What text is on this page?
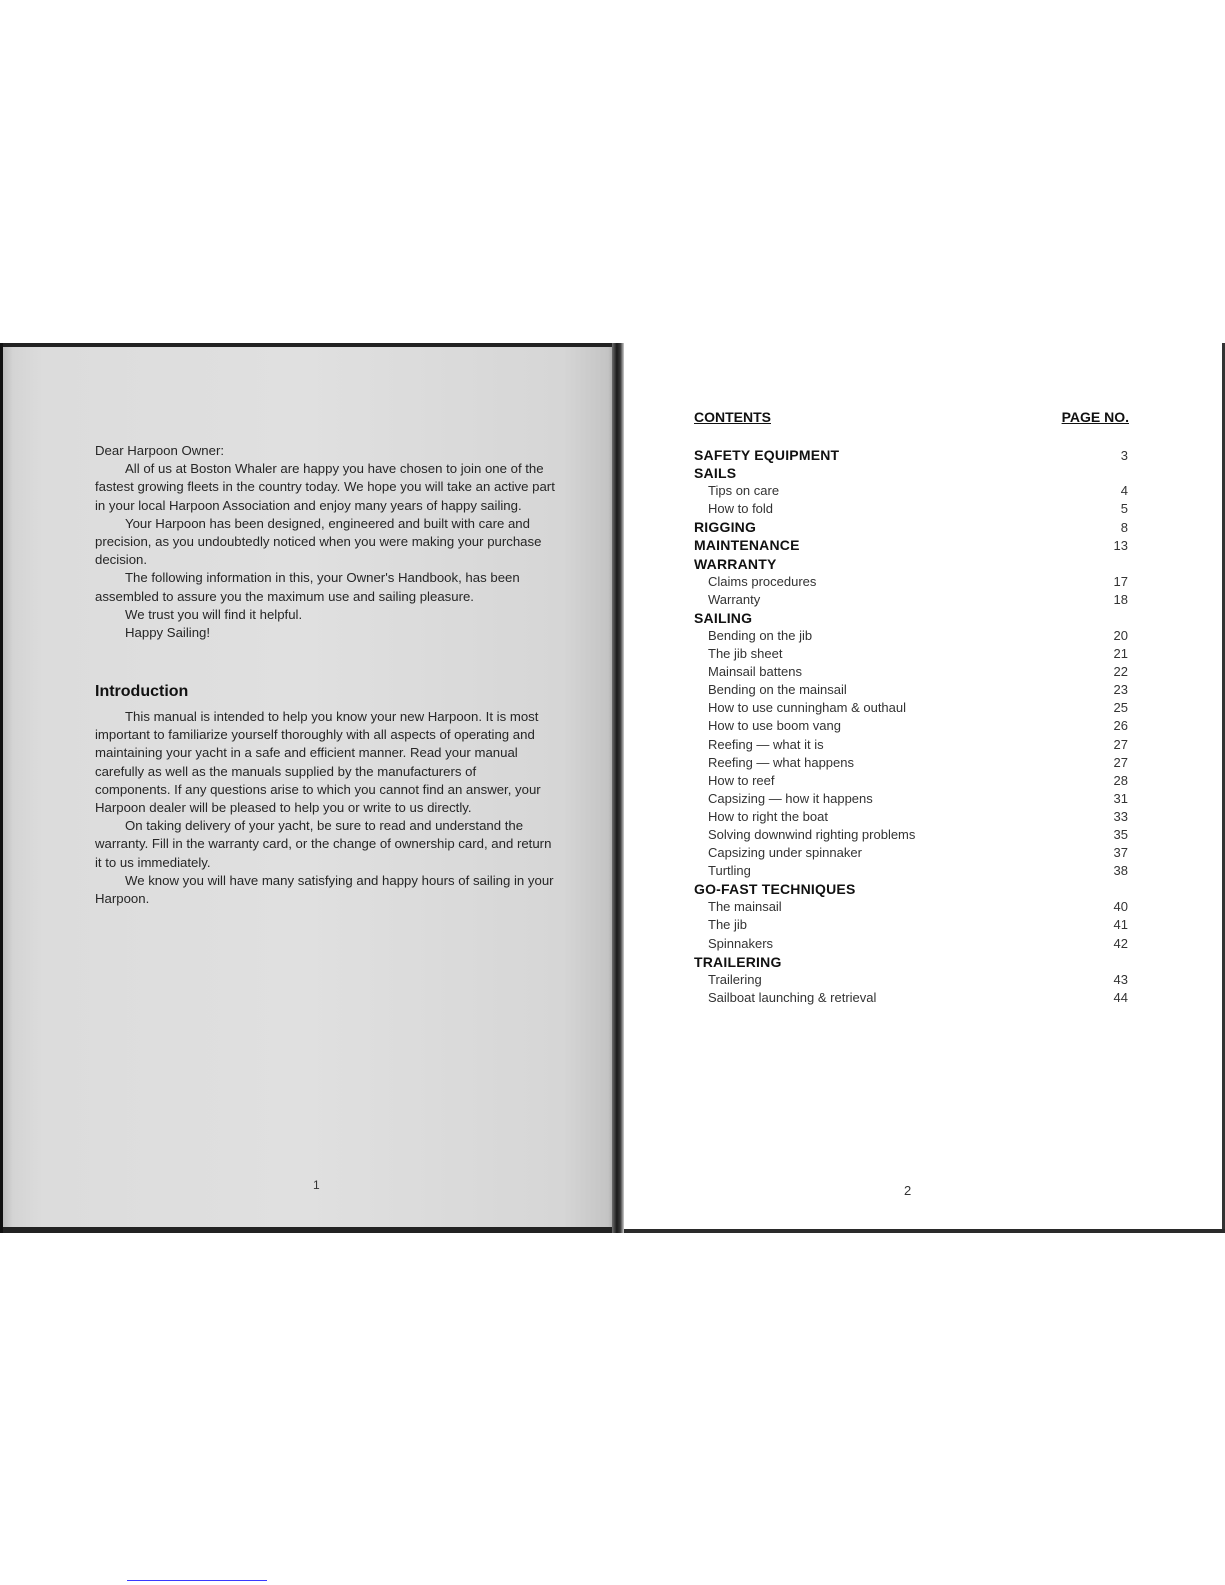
Dear Harpoon Owner:

All of us at Boston Whaler are happy you have chosen to join one of the fastest growing fleets in the country today. We hope you will take an active part in your local Harpoon Association and enjoy many years of happy sailing.

Your Harpoon has been designed, engineered and built with care and precision, as you undoubtedly noticed when you were making your purchase decision.

The following information in this, your Owner's Handbook, has been assembled to assure you the maximum use and sailing pleasure.

We trust you will find it helpful.

Happy Sailing!

Introduction

This manual is intended to help you know your new Harpoon. It is most important to familiarize yourself thoroughly with all aspects of operating and maintaining your yacht in a safe and efficient manner. Read your manual carefully as well as the manuals supplied by the manufacturers of components. If any questions arise to which you cannot find an answer, your Harpoon dealer will be pleased to help you or write to us directly.

On taking delivery of your yacht, be sure to read and understand the warranty. Fill in the warranty card, or the change of ownership card, and return it to us immediately.

We know you will have many satisfying and happy hours of sailing in your Harpoon.

1
CONTENTS	PAGE NO.
SAFETY EQUIPMENT	3
SAILS
Tips on care	4
How to fold	5
RIGGING	8
MAINTENANCE	13
WARRANTY
Claims procedures	17
Warranty	18
SAILING
Bending on the jib	20
The jib sheet	21
Mainsail battens	22
Bending on the mainsail	23
How to use cunningham & outhaul	25
How to use boom vang	26
Reefing — what it is	27
Reefing — what happens	27
How to reef	28
Capsizing — how it happens	31
How to right the boat	33
Solving downwind righting problems	35
Capsizing under spinnaker	37
Turtling	38
GO-FAST TECHNIQUES
The mainsail	40
The jib	41
Spinnakers	42
TRAILERING
Trailering	43
Sailboat launching & retrieval	44
2
